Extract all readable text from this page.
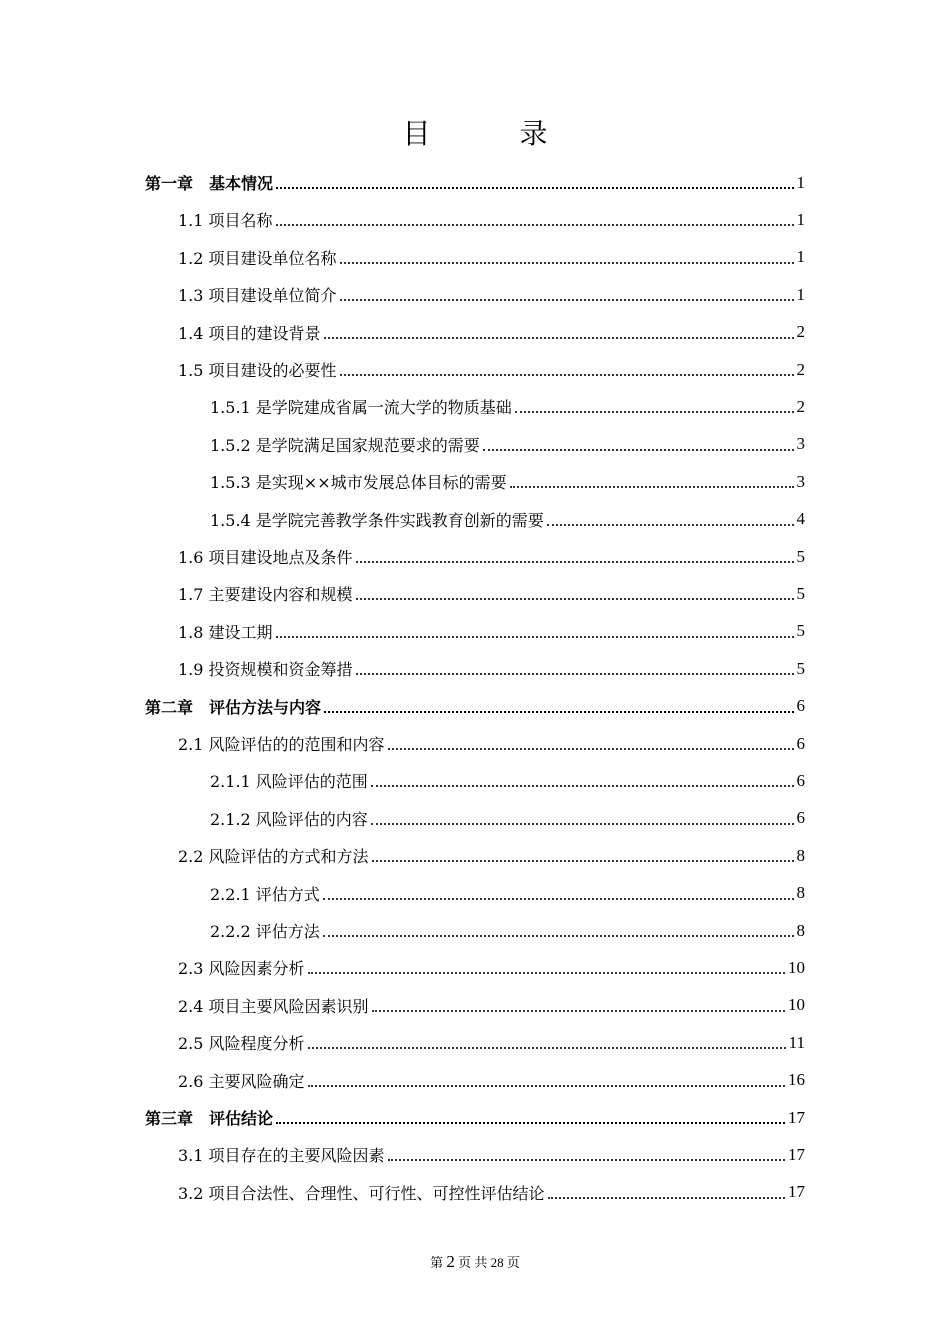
目 录
第一章　基本情况	1
1.1 项目名称	1
1.2 项目建设单位名称	1
1.3 项目建设单位简介	1
1.4 项目的建设背景	2
1.5 项目建设的必要性	2
1.5.1 是学院建成省属一流大学的物质基础	2
1.5.2 是学院满足国家规范要求的需要	3
1.5.3 是实现××城市发展总体目标的需要	3
1.5.4 是学院完善教学条件实践教育创新的需要	4
1.6 项目建设地点及条件	5
1.7 主要建设内容和规模	5
1.8 建设工期	5
1.9 投资规模和资金筹措	5
第二章　评估方法与内容	6
2.1 风险评估的的范围和内容	6
2.1.1 风险评估的范围	6
2.1.2 风险评估的内容	6
2.2 风险评估的方式和方法	8
2.2.1 评估方式	8
2.2.2 评估方法	8
2.3 风险因素分析	10
2.4 项目主要风险因素识别	10
2.5 风险程度分析	11
2.6 主要风险确定	16
第三章　评估结论	17
3.1 项目存在的主要风险因素	17
3.2 项目合法性、合理性、可行性、可控性评估结论	17
第 2 页 共 28 页
